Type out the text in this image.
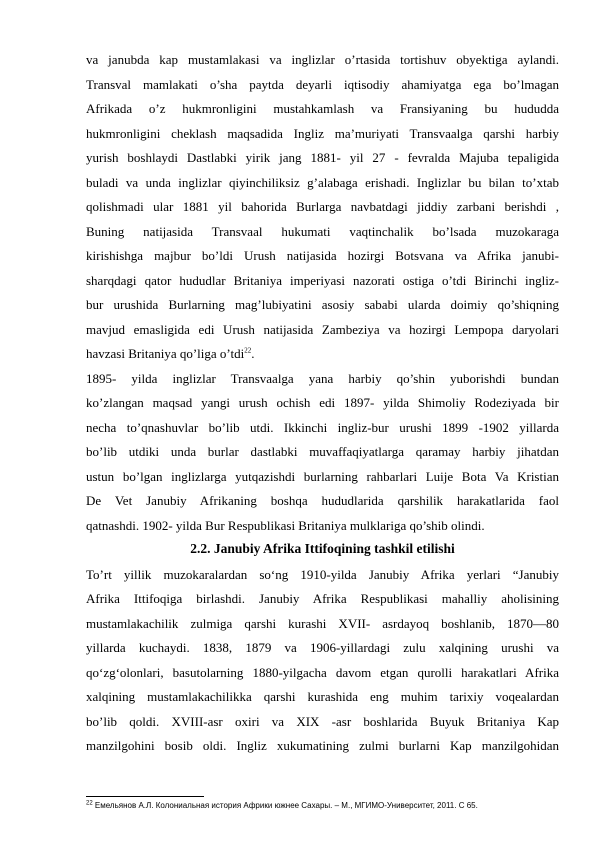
va janubda kap mustamlakasi va inglizlar o’rtasida tortishuv obyektiga aylandi.
Transval mamlakati o’sha paytda deyarli iqtisodiy ahamiyatga ega bo’lmagan
Afrikada o’z hukmronligini mustahkamlash va Fransiyaning bu hududda
hukmronligini cheklash maqsadida Ingliz ma’muriyati Transvaalga qarshi harbiy
yurish boshlaydi Dastlabki yirik jang 1881- yil 27 - fevralda Majuba tepaligida
buladi va unda inglizlar qiyinchiliksiz g’alabaga erishadi. Inglizlar bu bilan to’xtab
qolishmadi ular 1881 yil bahorida Burlarga navbatdagi jiddiy zarbani berishdi ,
Buning natijasida Transvaal hukumati vaqtinchalik bo’lsada muzokaraga
kirishishga majbur bo’ldi Urush natijasida hozirgi Botsvana va Afrika janubi-
sharqdagi qator hududlar Britaniya imperiyasi nazorati ostiga o’tdi Birinchi ingliz-
bur urushida Burlarning mag’lubiyatini asosiy sababi ularda doimiy qo’shiqning
mavjud emasligida edi Urush natijasida Zambeziya va hozirgi Lempopa daryolari
havzasi Britaniya qo’liga o’tdi$^{22}$.
1895- yilda inglizlar Transvaalga yana harbiy qo’shin yuborishdi bundan
ko’zlangan maqsad yangi urush ochish edi 1897- yilda Shimoliy Rodeziyada bir
necha to’qnashuvlar bo’lib utdi. Ikkinchi ingliz-bur urushi 1899 -1902 yillarda
bo’lib utdiki unda burlar dastlabki muvaffaqiyatlarga qaramay harbiy jihatdan
ustun bo’lgan inglizlarga yutqazishdi burlarning rahbarlari Luije Bota Va Kristian
De Vet Janubiy Afrikaning boshqa hududlarida qarshilik harakatlarida faol
qatnashdi. 1902- yilda Bur Respublikasi Britaniya mulklariga qo’shib olindi.
2.2. Janubiy Afrika Ittifoqining tashkil etilishi
To’rt yillik muzokaralardan so‘ng 1910-yilda Janubiy Afrika yerlari “Janubiy
Afrika Ittifoqiga birlashdi. Janubiy Afrika Respublikasi mahalliy aholisining
mustamlakachilik zulmiga qarshi kurashi XVII- asrdayoq boshlanib, 1870—80
yillarda kuchaydi. 1838, 1879 va 1906-yillardagi zulu xalqining urushi va
qo‘zg‘olonlari, basutolarning 1880-yilgacha davom etgan qurolli harakatlari Afrika
xalqining mustamlakachilikka qarshi kurashida eng muhim tarixiy voqealardan
bo’lib qoldi. XVIII-asr oxiri va XIX -asr boshlarida Buyuk Britaniya Kap
manzilgohini bosib oldi. Ingliz xukumatining zulmi burlarni Kap manzilgohidan
$^{22}$ Емельянов А.Л. Колониальная история Африки южнее Сахары. – М., МГИМО-Университет, 2011. С 65.
